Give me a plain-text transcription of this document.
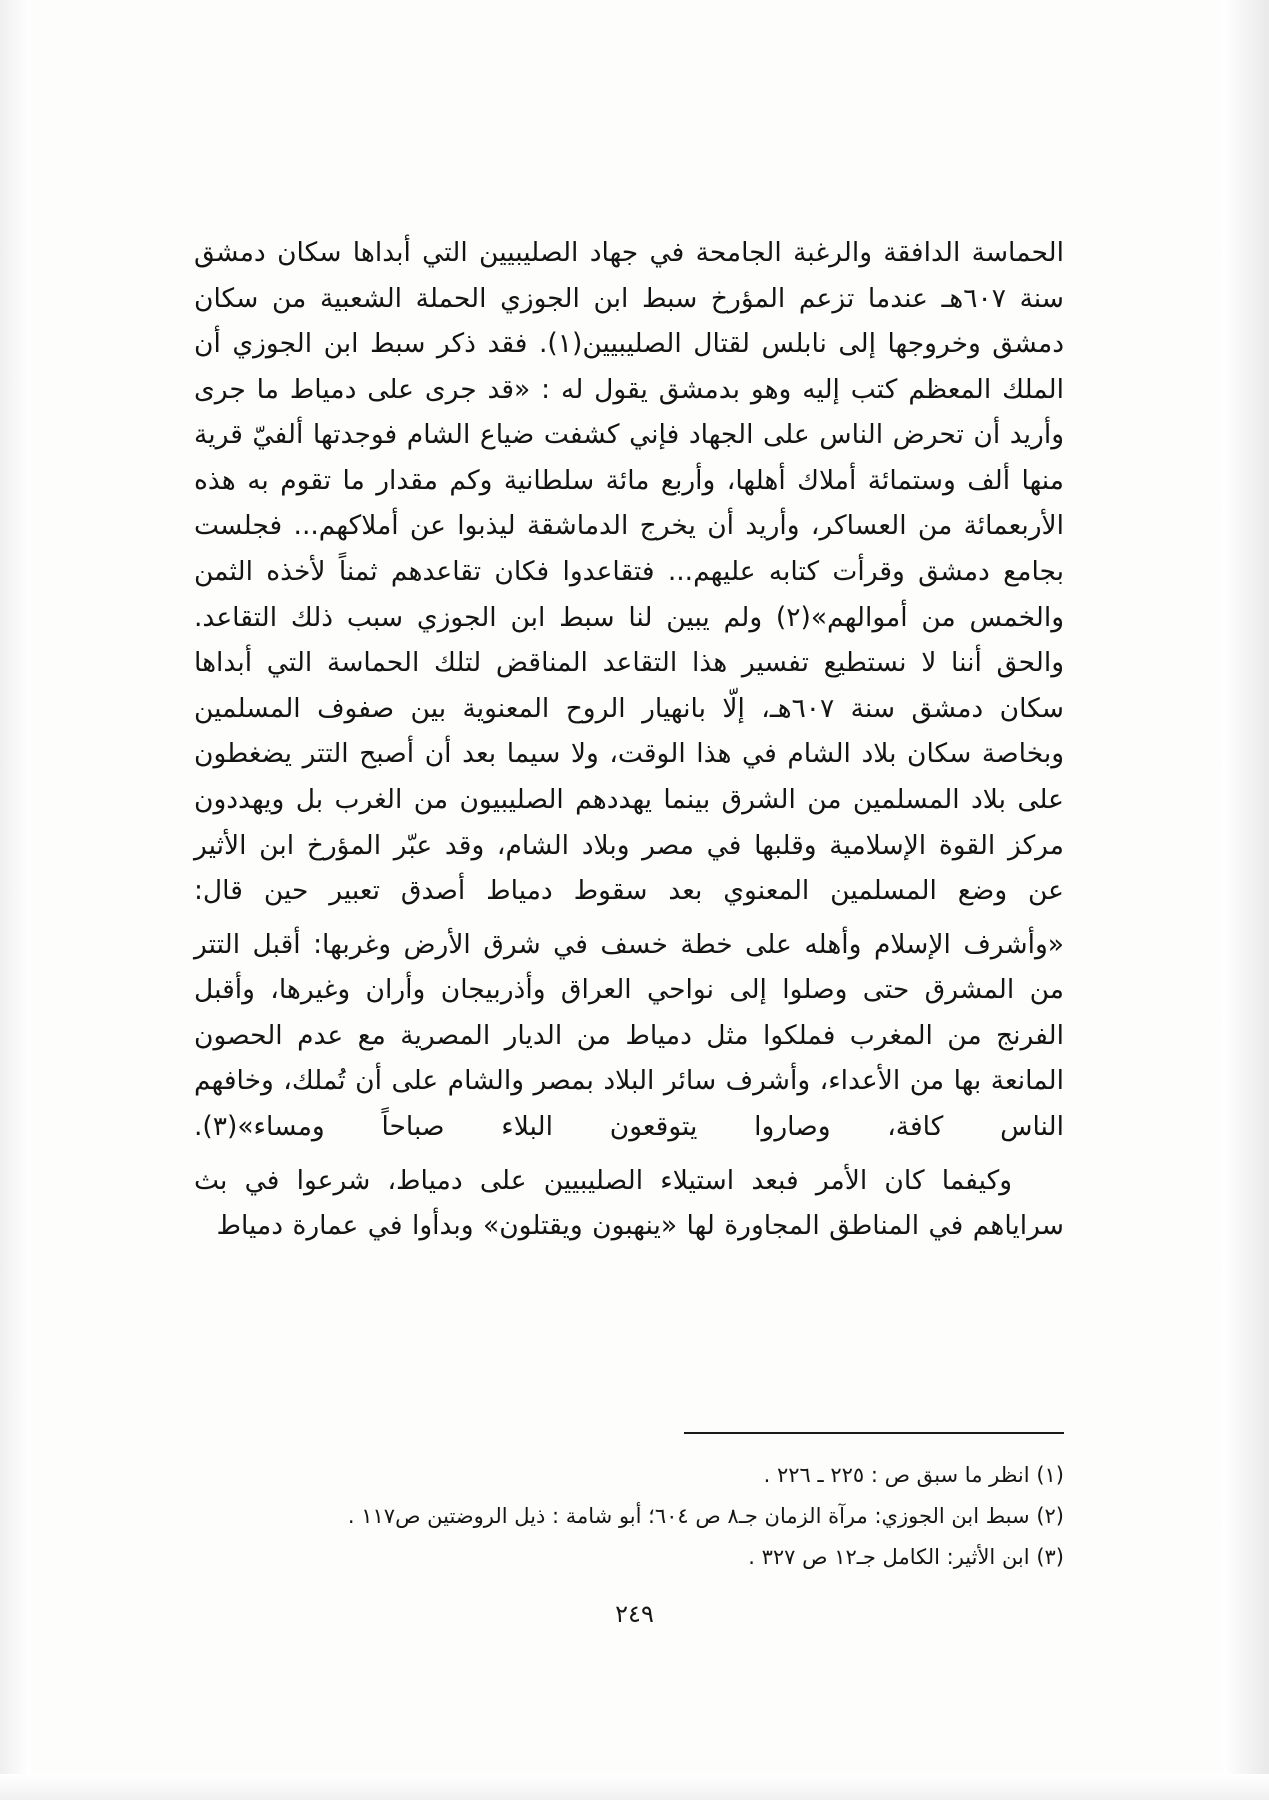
الحماسة الدافقة والرغبة الجامحة في جهاد الصليبيين التي أبداها سكان دمشق سنة ٦٠٧هـ عندما تزعم المؤرخ سبط ابن الجوزي الحملة الشعبية من سكان دمشق وخروجها إلى نابلس لقتال الصليبيين(١). فقد ذكر سبط ابن الجوزي أن الملك المعظم كتب إليه وهو بدمشق يقول له : «قد جرى على دمياط ما جرى وأريد أن تحرض الناس على الجهاد فإني كشفت ضياع الشام فوجدتها ألفيّ قرية منها ألف وستمائة أملاك أهلها، وأربع مائة سلطانية وكم مقدار ما تقوم به هذه الأربعمائة من العساكر، وأريد أن يخرج الدماشقة ليذبوا عن أملاكهم... فجلست بجامع دمشق وقرأت كتابه عليهم... فتقاعدوا فكان تقاعدهم ثمناً لأخذه الثمن والخمس من أموالهم»(٢) ولم يبين لنا سبط ابن الجوزي سبب ذلك التقاعد. والحق أننا لا نستطيع تفسير هذا التقاعد المناقض لتلك الحماسة التي أبداها سكان دمشق سنة ٦٠٧هـ، إلّا بانهيار الروح المعنوية بين صفوف المسلمين وبخاصة سكان بلاد الشام في هذا الوقت، ولا سيما بعد أن أصبح التتر يضغطون على بلاد المسلمين من الشرق بينما يهددهم الصليبيون من الغرب بل ويهددون مركز القوة الإسلامية وقلبها في مصر وبلاد الشام، وقد عبّر المؤرخ ابن الأثير عن وضع المسلمين المعنوي بعد سقوط دمياط أصدق تعبير حين قال:

«وأشرف الإسلام وأهله على خطة خسف في شرق الأرض وغربها: أقبل التتر من المشرق حتى وصلوا إلى نواحي العراق وأذربيجان وأران وغيرها، وأقبل الفرنج من المغرب فملكوا مثل دمياط من الديار المصرية مع عدم الحصون المانعة بها من الأعداء، وأشرف سائر البلاد بمصر والشام على أن تُملك، وخافهم الناس كافة، وصاروا يتوقعون البلاء صباحاً ومساء»(٣).

وكيفما كان الأمر فبعد استيلاء الصليبيين على دمياط، شرعوا في بث سراياهم في المناطق المجاورة لها «ينهبون ويقتلون» وبدأوا في عمارة دمياط

(١) انظر ما سبق ص : ٢٢٥ ـ ٢٢٦ .
(٢) سبط ابن الجوزي: مرآة الزمان جـ٨ ص ٦٠٤؛ أبو شامة : ذيل الروضتين ص١١٧ .
(٣) ابن الأثير: الكامل جـ١٢ ص ٣٢٧ .
٢٤٩
